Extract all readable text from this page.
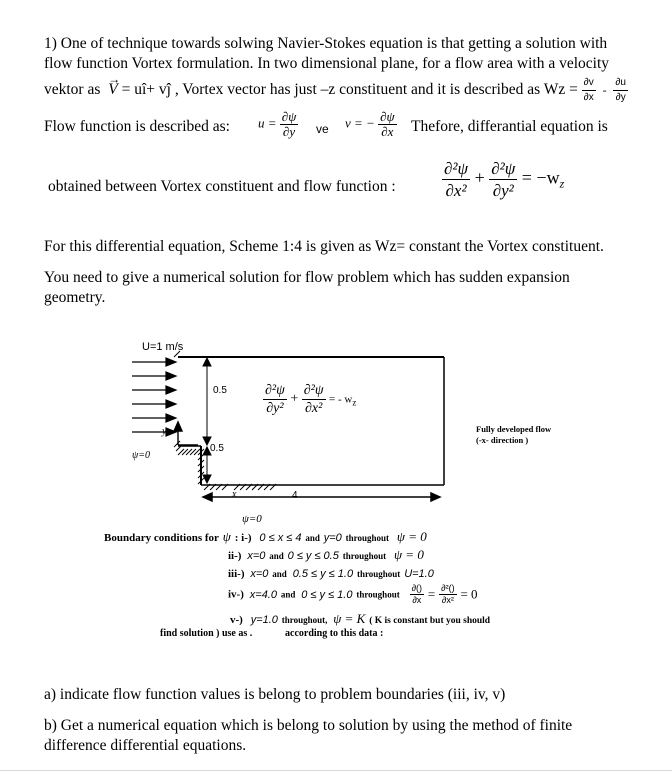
1) One of technique towards solwing Navier-Stokes equation is that getting a solution with
flow function Vortex formulation. In two dimensional plane, for a flow area with a velocity
vektor as
→
V = uî+ vĵ , Vortex vector has just –z constituent and it is described as $Wz = \frac{\partial v}{\partial x} - \frac{\partial u}{\partial y}$
Flow function is described as: $u = \frac{\partial\psi}{\partial y}$ ve v = − $\frac{\partial\psi}{\partial x}$ Thefore, differantial equation is
obtained between Vortex constituent and flow function :	$\frac{\text{∂²ψ}}{\text{∂x²}} + \frac{\text{∂²ψ}}{\text{∂y²}} = -w_z$
For this differential equation, Scheme 1:4 is given as Wz= constant the Vortex constituent.
You need to give a numerical solution for flow problem which has sudden expansion
geometry.
U=1 m/s
0.5
0.5
y
x
ψ=0
4
ψ=0
$\frac{\text{∂²ψ}}{\text{∂y²}} + \frac{\text{∂²ψ}}{\text{∂x²}}$ = - $w_z$
Fully developed flow
(-x- direction )
Boundary conditions for ψ : i-) 0 ≤ x ≤ 4 and y=0 throughout ψ = 0
ii-) x=0 and 0 ≤ y ≤ 0.5 throughout ψ = 0
iii-) x=0 and 0.5 ≤ y ≤ 1.0 throughout U=1.0
iv-) x=4.0 and 0 ≤ y ≤ 1.0 throughout $\frac{\partial()}{\partial x} = \frac{\text{∂²()}}{\text{∂x²}} = 0$
v-) y=1.0 throughout, ψ = K ( K is constant but you should
find solution ) use as .	according to this data :
a) indicate flow function values is belong to problem boundaries (iii, iv, v)
b) Get a numerical equation which is belong to solution by using the method of finite
difference differential equations.
